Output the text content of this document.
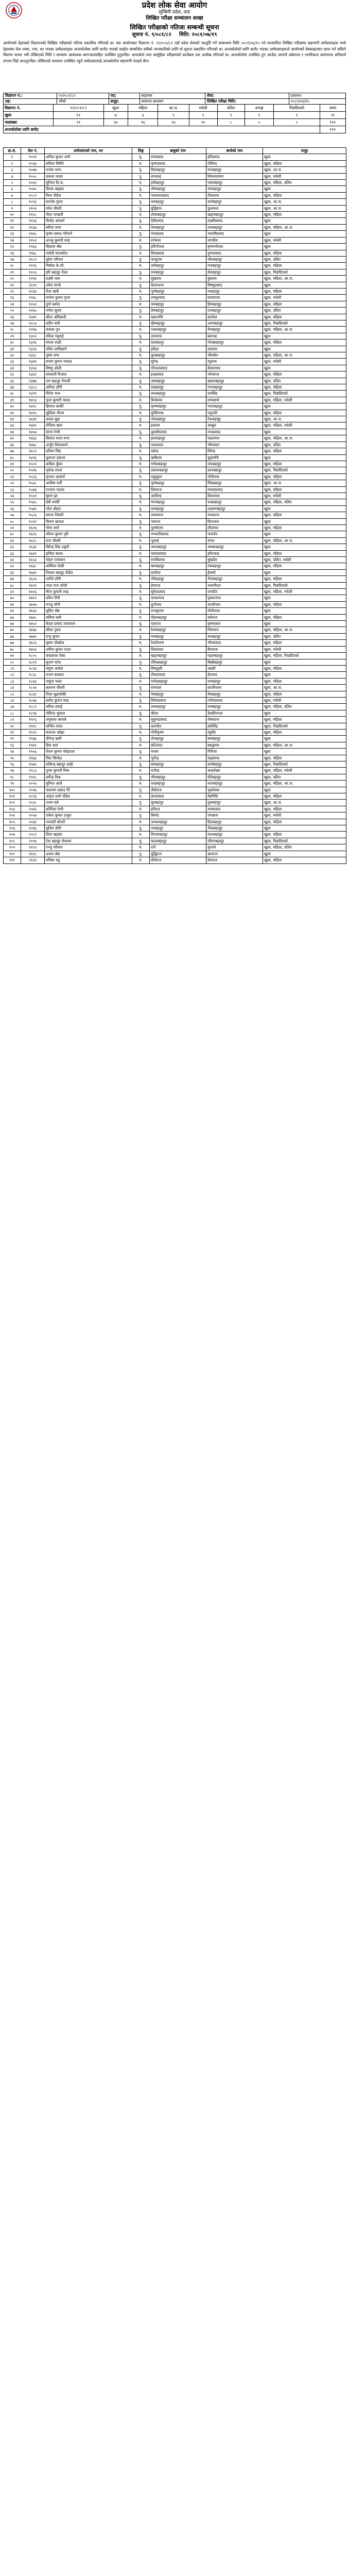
प्रदेश लोक सेवा आयोग
लुम्बिनी प्रदेश, दाङ
लिखित परीक्षा सञ्चालन शाखा
लिखित परीक्षाको नतिजा सम्बन्धी सूचना
सूचना नं. ९/०८१/८२ मिति: २०८१/०७/१९
आयोगको देहायको विज्ञापनको लिखित परीक्षाको नतिजा प्रकाशित गरिएको छ। यस आयोगबाट विज्ञापन नं. १२/०८१/८२ तहाँ प्रदेश सेवाको पदपूर्ति गर्ने सम्बन्धमा मिति २०८१/०६/१५ गते सञ्चालित लिखित परीक्षामा सहभागी उम्मेदवारहरू मध्ये देहायका रोल नम्बर, नाम, थर भएका उम्मेदवारहरू अन्तर्वार्ताका लागि छनौट भएको व्यहोरा सम्बन्धित सबैको जानकारीको लागि यो सूचना प्रकाशित गरिएको छ। अन्तर्वार्ताको लागि छनौट भएका उम्मेदवारहरूले आयोगको वेबसाइटबाट प्राप्त गर्न सकिने विवरण फारम भरी तोकिएको मिति र समयमा आवश्यक कागजातसहित उपस्थित हुनुपर्नेछ। अन्तर्वार्ता तथा सामूहिक परीक्षणको कार्यक्रम तल उल्लेख गरिएको छ। अन्तर्वार्तामा उपस्थित हुन आउँदा आफ्नो प्रवेशपत्र र नागरिकता प्रमाणपत्र अनिवार्य रूपमा लिई आउनुपर्नेछ। तोकिएको समयमा उपस्थित नहुने उम्मेदवारलाई अन्तर्वार्तामा सहभागी गराइने छैन।
विज्ञापन नं.:	१२/०८१/८२	पद:	सहायक	सेवा:	प्रशासन
तह:	चौथो	समूह:	सामान्य प्रशासन	लिखित परीक्षा मिति:	२०८१/०६/१५
विज्ञापन नं.	१२/०८१/८२	खुला	महिला	आ.ज.	मधेशी	दलित	अपाङ्ग	पिछडिएको	जम्मा
खुला	१२	७	३	२	२	१	१	१	२९
पदसंख्या	२९	२४	१६	१४	१०	८	५	५	१११
अन्तर्वार्ताका लागि छनौट									१११
क्र.सं.	रोल नं.	उम्मेदवारको नाम, थर	लिङ्ग	बाबुको नाम	बाजेको नाम	समूह
१	१०२१	अनिल कुमार शर्मा	पु.	रामप्रसाद	हरिप्रसाद	खुला
२	१०३४	सविता घिमिरे	म.	कृष्णप्रसाद	गोविन्द	खुला, महिला
३	१०४७	राजेश थापा	पु.	दिलबहादुर	मानबहादुर	खुला, आ.ज.
४	१०५८	प्रकाश यादव	पु.	रामचन्द्र	शिवनारायण	खुला, मधेशी
५	१०६२	सुनिता बि.क.	म.	हर्कबहादुर	पदमबहादुर	खुला, महिला, दलित
६	१०७५	दिपक खड्का	पु.	भीमबहादुर	जंगबहादुर	खुला
७	१०८९	मिना पौडेल	म.	नारायणप्रसाद	टीकाराम	खुला, महिला
८	१०९३	सन्तोष गुरुङ	पु.	धनबहादुर	कर्णबहादुर	खुला, आ.ज.
९	११०६	रमेश चौधरी	पु.	बुद्धिराम	फुलचन्द	खुला, आ.ज.
१०	१११८	गीता भण्डारी	म.	लोकबहादुर	खड्गबहादुर	खुला, महिला
११	११२४	विनोद आचार्य	पु.	देवीप्रसाद	लक्ष्मीप्रसाद	खुला
१२	११३७	सरिता मगर	म.	तेजबहादुर	लालबहादुर	खुला, महिला, आ.ज.
१३	११४५	कृष्ण प्रसाद न्यौपाने	पु.	गंगाप्रसाद	भवानीप्रसाद	खुला
१४	११५९	अञ्जु कुमारी साह	म.	रामेश्वर	जगदीश	खुला, मधेशी
१५	११६३	बिकास श्रेष्ठ	पु.	हरिगोपाल	कृष्णगोपाल	खुला
१६	११७८	पार्वती सापकोटा	म.	शिवप्रसाद	पुण्यप्रसाद	खुला, महिला
१७	११८२	सुरेश परियार	पु.	कालुराम	जीतबहादुर	खुला, दलित
१८	११९६	निर्मला के.सी.	म.	धर्मबहादुर	गजबहादुर	खुला, महिला
१९	१२०३	हरि बहादुर रोका	पु.	मनबहादुर	सेतबहादुर	खुला, पिछडिएको
२०	१२१७	लक्ष्मी थारु	म.	सुखराम	बुधराम	खुला, महिला, आ.ज.
२१	१२२९	उमेश पाण्डे	पु.	केशवराज	विष्णुप्रसाद	खुला
२२	१२३४	रीता खत्री	म.	पूर्णबहादुर	नरबहादुर	खुला, महिला
२३	१२४८	मनोज कुमार गुप्ता	पु.	शम्भुप्रसाद	रामदयाल	खुला, मधेशी
२४	१२५१	दुर्गा बस्नेत	म.	यमबहादुर	हिमबहादुर	खुला, महिला
२५	१२६५	गणेश सुनार	पु.	प्रेमबहादुर	रत्नबहादुर	खुला, दलित
२६	१२७९	सीता अधिकारी	म.	चक्रपाणि	दामोदर	खुला, महिला
२७	१२८४	प्रदीप वली	पु.	खेमबहादुर	अमरबहादुर	खुला, पिछडिएको
२८	१२९७	कमला पुन	म.	भक्तबहादुर	नैनबहादुर	खुला, महिला, आ.ज.
२९	१३०२	रविन्द्र भट्टराई	पु.	तारानाथ	बलभद्र	खुला
३०	१३१६	ममता शाही	म.	दलबहादुर	गोरखबहादुर	खुला, महिला
३१	१३२३	नविन लामिछाने	पु.	हरिहर	दयाराम	खुला
३२	१३३८	पुष्पा राना	म.	कुलबहादुर	भीमसेन	खुला, महिला, आ.ज.
३३	१३४१	संजय कुमार मण्डल	पु.	सुरेन्द्र	रघुनाथ	खुला, मधेशी
३४	१३५६	विष्णु ओली	पु.	गोपालप्रसाद	केदारनाथ	खुला
३५	१३६२	सरस्वती रिजाल	म.	इन्द्रप्रसाद	भोजराज	खुला, महिला
३६	१३७७	राम बहादुर नेपाली	पु.	जसबहादुर	खडकबहादुर	खुला, दलित
३७	१३८५	अनिता डाँगी	म.	रुद्रबहादुर	गगनबहादुर	खुला, महिला
३८	१३९९	दिनेश चन्द	पु.	लालबहादुर	धनसिंह	खुला, पिछडिएको
३९	१४०४	पूजा कुमारी यादव	म.	बिन्देश्वर	रामस्वार्थ	खुला, महिला, मधेशी
४०	१४१८	हिमाल कार्की	पु.	कृष्णबहादुर	भरतबहादुर	खुला
४१	१४२५	सुशिला गौतम	म.	मुक्तिनाथ	पशुपति	खुला, महिला
४२	१४३९	कमल बुढा	पु.	नरेशबहादुर	टेकबहादुर	खुला, आ.ज.
४३	१४४२	रोजिना खान	म.	इस्लाम	अब्दुल	खुला, महिला, मधेशी
४४	१४५७	सागर रेग्मी	पु.	तुलसीप्रसाद	नन्दप्रसाद	खुला
४५	१४६३	बिमला थापा मगर	म.	झकबहादुर	पहलमान	खुला, महिला, आ.ज.
४६	१४७८	अर्जुन विश्वकर्मा	पु.	पदमलाल	भीमलाल	खुला, दलित
४७	१४८१	प्रतिमा सिंह	म.	महेन्द्र	विरेन्द्र	खुला, महिला
४८	१४९६	युवराज ढकाल	पु.	ऋषिराम	चूडामणि	खुला
४९	१५०२	कविता कुँवर	म.	गणेशबहादुर	जयबहादुर	खुला, महिला
५०	१५१७	भुपेन्द्र रावल	पु.	प्रकाशबहादुर	हस्तबहादुर	खुला, पिछडिएको
५१	१५२३	सृजना आचार्य	म.	मधुसूदन	गोपीनाथ	खुला, महिला
५२	१५३८	आशिष घर्ती	पु.	पूर्णबहादुर	सिंहबहादुर	खुला, आ.ज.
५३	१५४४	रञ्जना पाठक	म.	शिवराज	माधवप्रसाद	खुला, महिला
५४	१५५९	सुमन झा	पु.	अरविन्द	विश्वनाथ	खुला, मधेशी
५५	१५६५	देवी सार्की	म.	मानबहादुर	चन्द्रबहादुर	खुला, महिला, दलित
५६	१५७१	नरेश बोहरा	पु.	धनबहादुर	लक्ष्मणबहादुर	खुला
५७	१५८६	सपना तिवारी	म.	उमाकान्त	रमाकान्त	खुला, महिला
५८	१५९२	किरण खनाल	पु.	नवराज	दिनानाथ	खुला
५९	१६०७	गोमा शर्मा	म.	पुरुषोत्तम	लीलाधर	खुला, महिला
६०	१६१३	जीवन कुमार पुरी	पु.	भगवतीप्रसाद	जनार्दन	खुला
६१	१६२८	रुपा चौधरी	म.	भुलाई	मंगल	खुला, महिला, आ.ज.
६२	१६३४	बिरेन्द्र सिंह ठकुरी	पु.	जगतबहादुर	अम्बरबहादुर	खुला
६३	१६४९	इन्दिरा बराल	म.	कमलप्रसाद	हरिश्चन्द्र	खुला, महिला
६४	१६५३	मोहन पासवान	पु.	रामबिलास	सुखदेव	खुला, दलित, मधेशी
६५	१६६८	अस्मिता केसी	म.	बलबहादुर	टंकबहादुर	खुला, महिला
६६	१६७२	तिलक बहादुर कँडेल	पु.	दामोदर	ईश्वरी	खुला
६७	१६८७	शान्ति डाँगी	म.	गोरेबहादुर	भैरवबहादुर	खुला, महिला
६८	१६९१	भरत राज जोशी	पु.	हेमराज	भवानीदत्त	खुला, पिछडिएको
६९	१७०६	नीता कुमारी शाह	म.	सुरेशप्रसाद	रामप्रीत	खुला, महिला, मधेशी
७०	१७१२	प्रविन गिरी	पु.	कमलनाथ	पुष्करनाथ	खुला
७१	१७२७	मञ्जु योगी	म.	दुर्गानाथ	कालीनाथ	खुला, महिला
७२	१७३३	सुदिप श्रेष्ठ	पु.	राजकुमार	मोतीलाल	खुला
७३	१७४८	सविना वली	म.	मोहनबहादुर	धर्मराज	खुला, महिला
७४	१७५२	केदार प्रसाद उपाध्याय	पु.	यज्ञराज	कृष्णलाल	खुला
७५	१७६७	लीला गुरुङ	म.	रेशमबहादुर	जितमान	खुला, महिला, आ.ज.
७६	१७७१	राजु सुनार	पु.	मनबहादुर	करबहादुर	खुला, दलित
७७	१७८६	सुष्मा पोखरेल	म.	रेवतीरमण	भीमप्रसाद	खुला, महिला
७८	१७९३	अमित कुमार राउत	पु.	शिवशंकर	बैजनाथ	खुला, मधेशी
७९	१८०५	चन्द्रकला रोका	म.	खड्गबहादुर	पहलबहादुर	खुला, महिला, पिछडिएको
८०	१८१९	सुजन थापा	पु.	रविन्द्रबहादुर	बिर्खबहादुर	खुला
८१	१८२४	यमुना अर्याल	म.	विष्णुहरि	नरहरि	खुला, महिला
८२	१८३८	राजन बस्याल	पु.	टीकाप्रसाद	हेमनाथ	खुला
८३	१८४३	जमुना मल्ल	म.	गजेन्द्रबहादुर	रणबहादुर	खुला, महिला
८४	१८५७	बलराम चौधरी	पु.	रामपाल	कालीचरण	खुला, आ.ज.
८५	१८६१	निशा बुढाथोकी	म.	नेत्रबहादुर	मेघबहादुर	खुला, महिला
८६	१८७६	प्रमोद कुमार साह	पु.	दिनेशप्रसाद	गणेशप्रसाद	खुला, मधेशी
८७	१८८२	सरिता दमाई	म.	लालबहादुर	रामबहादुर	खुला, महिला, दलित
८८	१८९७	गोविन्द भुसाल	पु.	श्रीधर	देवकीनन्दन	खुला
८९	१९०३	अनुराधा काफ्ले	म.	मुकुन्दप्रसाद	शेषकान्त	खुला, महिला
९०	१९१८	सन्दिप रावत	पु.	दलजीत	हर्कसिंह	खुला, पिछडिएको
९१	१९२२	कल्पना ओझा	म.	गोपीकृष्ण	रघुवीर	खुला, महिला
९२	१९३७	दीपेन्द्र खत्री	पु.	शेरबहादुर	बमबहादुर	खुला
९३	१९४१	हिरा थारु	म.	छोटेलाल	बडकुराम	खुला, महिला, आ.ज.
९४	१९५६	रोशन कुमार कोइराला	पु.	माधव	गिरिजा	खुला
९५	१९६४	मिरा सिग्देल	म.	भूपेन्द्र	रुद्रप्रसाद	खुला, महिला
९६	१९७९	लोकेन्द्र बहादुर शाही	पु.	बमबहादुर	कर्णबहादुर	खुला, पिछडिएको
९७	१९८३	पुनम कुमारी मिश्र	म.	राजेन्द्र	चन्द्रशेखर	खुला, महिला, मधेशी
९८	१९९८	धर्मेन्द्र विक	पु.	भीमबहादुर	सेतेबहादुर	खुला, दलित
९९	२००४	सुनिता आले	म.	चन्द्रबहादुर	ध्वजबहादुर	खुला, महिला, आ.ज.
१००	२०१७	नारायण प्रसाद गैरे	पु.	तीर्थराज	भुवनेश्वर	खुला
१०१	२०२३	अमृता शर्मा पौडेल	म.	ज्ञानप्रसाद	वेदनिधि	खुला, महिला
१०२	२०३८	उत्तम घले	पु.	सुरबहादुर	तुलबहादुर	खुला, आ.ज.
१०३	२०४२	कोपिला रेग्मी	म.	हरिदत्त	श्यामलाल	खुला, महिला
१०४	२०५७	राकेश कुमार ठाकुर	पु.	बिनोद	जगन्नाथ	खुला, मधेशी
१०५	२०६१	भगवती बोगटी	म.	जनकबहादुर	डिलबहादुर	खुला, महिला
१०६	२०७६	सुनिल डाँगी	पु.	नरबहादुर	भैरबबहादुर	खुला
१०७	२०८२	प्रिया खड्का	म.	विजयबहादुर	मदनबहादुर	खुला, महिला
१०८	२०९७	टेक बहादुर रोकाया	पु.	कल्लबहादुर	जीवनबहादुर	खुला, पिछडिएको
१०९	२१०३	रञ्जु परियार	म.	रामे	सुन्तले	खुला, महिला, दलित
११०	२११८	अजय श्रेष्ठ	पु.	बुद्धिरत्न	ज्ञानरत्न	खुला
१११	२१२४	मनिषा भट्ट	म.	दीर्घराज	प्रेमराज	खुला, महिला
